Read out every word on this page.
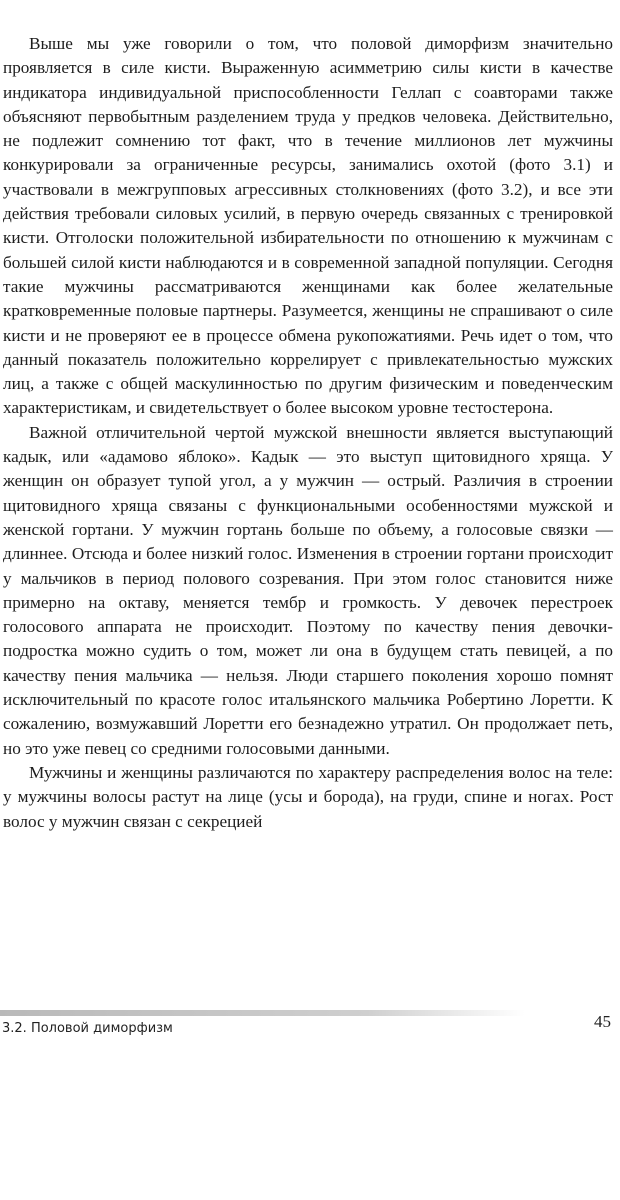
Выше мы уже говорили о том, что половой диморфизм значительно проявляется в силе кисти. Выраженную асимметрию силы кисти в качестве индикатора индивидуальной приспособленности Геллап с соавторами также объясняют первобытным разделением труда у предков человека. Действительно, не подлежит сомнению тот факт, что в течение миллионов лет мужчины конкурировали за ограниченные ресурсы, занимались охотой (фото 3.1) и участвовали в межгрупповых агрессивных столкновениях (фото 3.2), и все эти действия требовали силовых усилий, в первую очередь связанных с тренировкой кисти. Отголоски положительной избирательности по отношению к мужчинам с большей силой кисти наблюдаются и в современной западной популяции. Сегодня такие мужчины рассматриваются женщинами как более желательные кратковременные половые партнеры. Разумеется, женщины не спрашивают о силе кисти и не проверяют ее в процессе обмена рукопожатиями. Речь идет о том, что данный показатель положительно коррелирует с привлекательностью мужских лиц, а также с общей маскулинностью по другим физическим и поведенческим характеристикам, и свидетельствует о более высоком уровне тестостерона.

Важной отличительной чертой мужской внешности является выступающий кадык, или «адамово яблоко». Кадык — это выступ щитовидного хряща. У женщин он образует тупой угол, а у мужчин — острый. Различия в строении щитовидного хряща связаны с функциональными особенностями мужской и женской гортани. У мужчин гортань больше по объему, а голосовые связки — длиннее. Отсюда и более низкий голос. Изменения в строении гортани происходит у мальчиков в период полового созревания. При этом голос становится ниже примерно на октаву, меняется тембр и громкость. У девочек перестроек голосового аппарата не происходит. Поэтому по качеству пения девочки-подростка можно судить о том, может ли она в будущем стать певицей, а по качеству пения мальчика — нельзя. Люди старшего поколения хорошо помнят исключительный по красоте голос итальянского мальчика Робертино Лоретти. К сожалению, возмужавший Лоретти его безнадежно утратил. Он продолжает петь, но это уже певец со средними голосовыми данными.

Мужчины и женщины различаются по характеру распределения волос на теле: у мужчины волосы растут на лице (усы и борода), на груди, спине и ногах. Рост волос у мужчин связан с секрецией

3.2. Половой диморфизм	45
